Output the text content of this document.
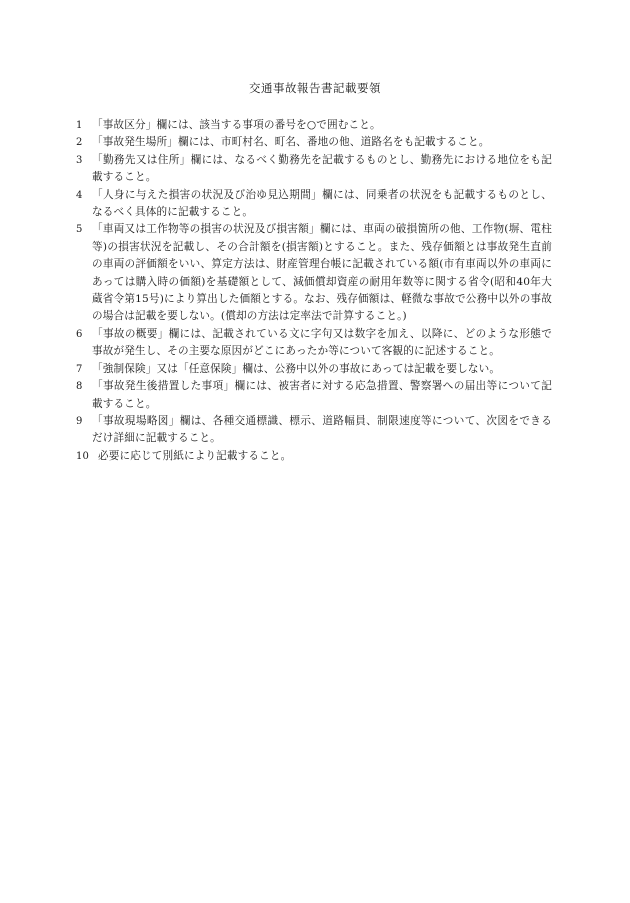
交通事故報告書記載要領
1 「事故区分」欄には、該当する事項の番号を○で囲むこと。
2 「事故発生場所」欄には、市町村名、町名、番地の他、道路名をも記載すること。
3 「勤務先又は住所」欄には、なるべく勤務先を記載するものとし、勤務先における地位をも記載すること。
4 「人身に与えた損害の状況及び治ゆ見込期間」欄には、同乗者の状況をも記載するものとし、なるべく具体的に記載すること。
5 「車両又は工作物等の損害の状況及び損害額」欄には、車両の破損箇所の他、工作物(塀、電柱等)の損害状況を記載し、その合計額を(損害額)とすること。また、残存価額とは事故発生直前の車両の評価額をいい、算定方法は、財産管理台帳に記載されている額(市有車両以外の車両にあっては購入時の価額)を基礎額として、減価償却資産の耐用年数等に関する省令(昭和40年大蔵省令第15号)により算出した価額とする。なお、残存価額は、軽微な事故で公務中以外の事故の場合は記載を要しない。(償却の方法は定率法で計算すること。)
6 「事故の概要」欄には、記載されている文に字句又は数字を加え、以降に、どのような形態で事故が発生し、その主要な原因がどこにあったか等について客観的に記述すること。
7 「強制保険」又は「任意保険」欄は、公務中以外の事故にあっては記載を要しない。
8 「事故発生後措置した事項」欄には、被害者に対する応急措置、警察署への届出等について記載すること。
9 「事故現場略図」欄は、各種交通標識、標示、道路幅員、制限速度等について、次図をできるだけ詳細に記載すること。
10 必要に応じて別紙により記載すること。
